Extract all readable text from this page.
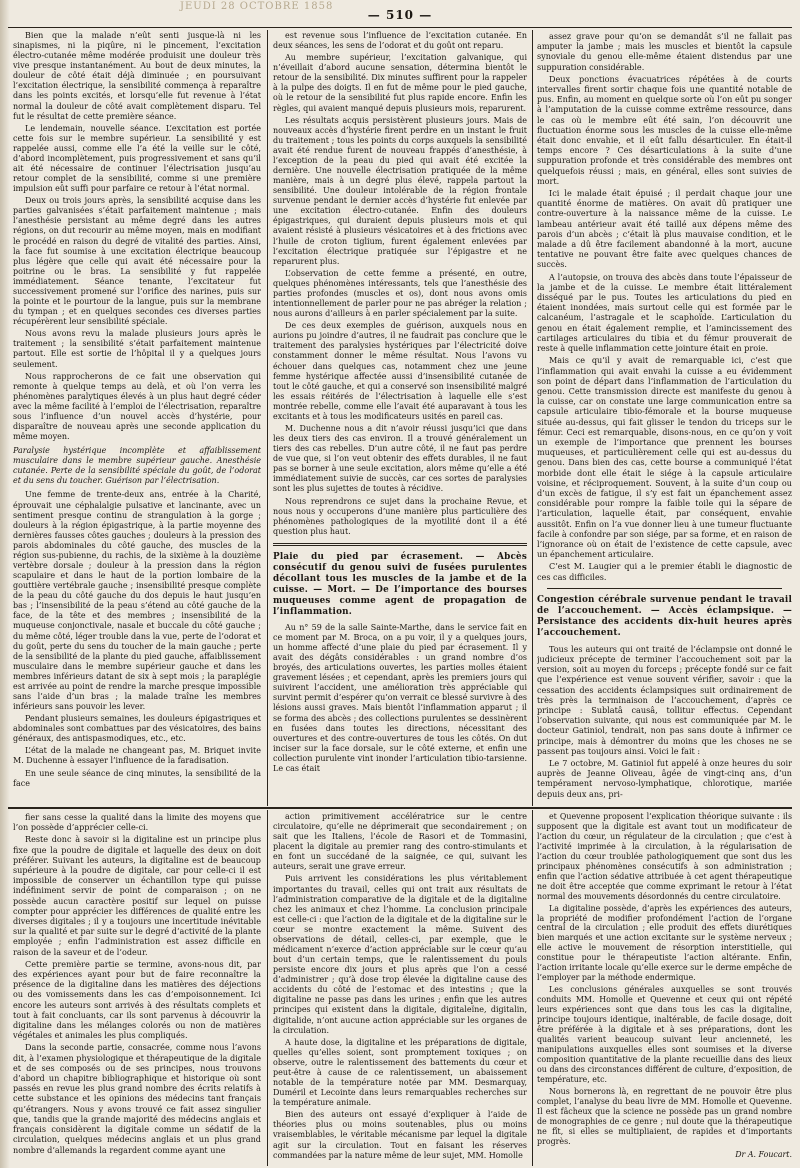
JEUDI 28 OCTOBRE 1858
— 510 —

Bien que la malade n’eût senti jusque-là ni les sinapismes, ni la piqûre, ni le pincement, l’excitation électro-cutanée même modérée produisit une douleur très vive presque instantanément. Au bout de deux minutes, la douleur de côté était déjà diminuée ; en poursuivant l’excitation électrique, la sensibilité commença à reparaître dans les points excités, et lorsqu’elle fut revenue à l’état normal la douleur de côté avait complètement disparu. Tel fut le résultat de cette première séance.

Le lendemain, nouvelle séance. L’excitation est portée cette fois sur le membre supérieur. La sensibilité y est rappelée aussi, comme elle l’a été la veille sur le côté, d’abord incomplètement, puis progressivement et sans qu’il ait été nécessaire de continuer l’électrisation jusqu’au retour complet de la sensibilité, comme si une première impulsion eût suffi pour parfaire ce retour à l’état normal.

Deux ou trois jours après, la sensibilité acquise dans les parties galvanisées s’était parfaitement maintenue ; mais l’anesthésie persistant au même degré dans les autres régions, on dut recourir au même moyen, mais en modifiant le procédé en raison du degré de vitalité des parties. Ainsi, la face fut soumise à une excitation électrique beaucoup plus légère que celle qui avait été nécessaire pour la poitrine ou le bras. La sensibilité y fut rappelée immédiatement. Séance tenante, l’excitateur fut successivement promené sur l’orifice des narines, puis sur la pointe et le pourtour de la langue, puis sur la membrane du tympan ; et en quelques secondes ces diverses parties récupérèrent leur sensibilité spéciale.

Nous avons revu la malade plusieurs jours après le traitement ; la sensibilité s’était parfaitement maintenue partout. Elle est sortie de l’hôpital il y a quelques jours seulement.

Nous rapprocherons de ce fait une observation qui remonte à quelque temps au delà, et où l’on verra les phénomènes paralytiques élevés à un plus haut degré céder avec la même facilité à l’emploi de l’électrisation, reparaître sous l’influence d’un nouvel accès d’hystérie, pour disparaître de nouveau après une seconde application du même moyen.

Paralysie hystérique incomplète et affaiblissement musculaire dans le membre supérieur gauche. Anesthésie cutanée. Perte de la sensibilité spéciale du goût, de l’odorat et du sens du toucher. Guérison par l’électrisation.

Une femme de trente-deux ans, entrée à la Charité, éprouvait une céphalalgie pulsative et lancinante, avec un sentiment presque continu de strangulation à la gorge ; douleurs à la région épigastrique, à la partie moyenne des dernières fausses côtes gauches ; douleurs à la pression des parois abdominales du côté gauche, des muscles de la région sus-pubienne, du rachis, de la sixième à la douzième vertèbre dorsale ; douleur à la pression dans la région scapulaire et dans le haut de la portion lombaire de la gouttière vertébrale gauche ; insensibilité presque complète de la peau du côté gauche du dos depuis le haut jusqu’en bas ; l’insensibilité de la peau s’étend au côté gauche de la face, de la tête et des membres ; insensibilité de la muqueuse conjonctivale, nasale et buccale du côté gauche ; du même côté, léger trouble dans la vue, perte de l’odorat et du goût, perte du sens du toucher de la main gauche ; perte de la sensibilité de la plante du pied gauche, affaiblissement musculaire dans le membre supérieur gauche et dans les membres inférieurs datant de six à sept mois ; la paraplégie est arrivée au point de rendre la marche presque impossible sans l’aide d’un bras ; la malade traîne les membres inférieurs sans pouvoir les lever.

Pendant plusieurs semaines, les douleurs épigastriques et abdominales sont combattues par des vésicatoires, des bains généraux, des antispasmodiques, etc., etc.

L’état de la malade ne changeant pas, M. Briquet invite M. Duchenne à essayer l’influence de la faradisation.

En une seule séance de cinq minutes, la sensibilité de la face

est revenue sous l’influence de l’excitation cutanée. En deux séances, les sens de l’odorat et du goût ont reparu.

Au membre supérieur, l’excitation galvanique, qui n’éveillait d’abord aucune sensation, détermina bientôt le retour de la sensibilité. Dix minutes suffirent pour la rappeler à la pulpe des doigts. Il en fut de même pour le pied gauche, où le retour de la sensibilité fut plus rapide encore. Enfin les règles, qui avaient manqué depuis plusieurs mois, reparurent.

Les résultats acquis persistèrent plusieurs jours. Mais de nouveaux accès d’hystérie firent perdre en un instant le fruit du traitement ; tous les points du corps auxquels la sensibilité avait été rendue furent de nouveau frappés d’anesthésie, à l’exception de la peau du pied qui avait été excitée la dernière. Une nouvelle électrisation pratiquée de la même manière, mais à un degré plus élevé, rappela partout la sensibilité. Une douleur intolérable de la région frontale survenue pendant le dernier accès d’hystérie fut enlevée par une excitation électro-cutanée. Enfin des douleurs épigastriques, qui duraient depuis plusieurs mois et qui avaient résisté à plusieurs vésicatoires et à des frictions avec l’huile de croton tiglium, furent également enlevées par l’excitation électrique pratiquée sur l’épigastre et ne reparurent plus.

L’observation de cette femme a présenté, en outre, quelques phénomènes intéressants, tels que l’anesthésie des parties profondes (muscles et os), dont nous avons omis intentionnellement de parler pour ne pas abréger la relation ; nous aurons d’ailleurs à en parler spécialement par la suite.

De ces deux exemples de guérison, auxquels nous en aurions pu joindre d’autres, il ne faudrait pas conclure que le traitement des paralysies hystériques par l’électricité doive constamment donner le même résultat. Nous l’avons vu échouer dans quelques cas, notamment chez une jeune femme hystérique affectée aussi d’insensibilité cutanée de tout le côté gauche, et qui a conservé son insensibilité malgré les essais réitérés de l’électrisation à laquelle elle s’est montrée rebelle, comme elle l’avait été auparavant à tous les excitants et à tous les modificateurs usités en pareil cas.

M. Duchenne nous a dit n’avoir réussi jusqu’ici que dans les deux tiers des cas environ. Il a trouvé généralement un tiers des cas rebelles. D’un autre côté, il ne faut pas perdre de vue que, si l’on veut obtenir des effets durables, il ne faut pas se borner à une seule excitation, alors même qu’elle a été immédiatement suivie de succès, car ces sortes de paralysies sont les plus sujettes de toutes à récidive.

Nous reprendrons ce sujet dans la prochaine Revue, et nous nous y occuperons d’une manière plus particulière des phénomènes pathologiques de la myotilité dont il a été question plus haut.

Plaie du pied par écrasement. — Abcès consécutif du genou suivi de fusées purulentes décollant tous les muscles de la jambe et de la cuisse. — Mort. — De l’importance des bourses muqueuses comme agent de propagation de l’inflammation.

Au n° 59 de la salle Sainte-Marthe, dans le service fait en ce moment par M. Broca, on a pu voir, il y a quelques jours, un homme affecté d’une plaie du pied par écrasement. Il y avait des dégâts considérables : un grand nombre d’os broyés, des articulations ouvertes, les parties molles étaient gravement lésées ; et cependant, après les premiers jours qui suivirent l’accident, une amélioration très appréciable qui survint permit d’espérer qu’on verrait ce blessé survivre à des lésions aussi graves. Mais bientôt l’inflammation apparut ; il se forma des abcès ; des collections purulentes se dessinèrent en fusées dans toutes les directions, nécessitant des ouvertures et des contre-ouvertures de tous les côtés. On dut inciser sur la face dorsale, sur le côté externe, et enfin une collection purulente vint inonder l’articulation tibio-tarsienne. Le cas était

assez grave pour qu’on se demandât s’il ne fallait pas amputer la jambe ; mais les muscles et bientôt la capsule synoviale du genou elle-même étaient distendus par une suppuration considérable.

Deux ponctions évacuatrices répétées à de courts intervalles firent sortir chaque fois une quantité notable de pus. Enfin, au moment en quelque sorte où l’on eût pu songer à l’amputation de la cuisse comme extrême ressource, dans le cas où le membre eût été sain, l’on découvrit une fluctuation énorme sous les muscles de la cuisse elle-même était donc envahie, et il eût fallu désarticuler. En était-il temps encore ? Ces désarticulations à la suite d’une suppuration profonde et très considérable des membres ont quelquefois réussi ; mais, en général, elles sont suivies de mort.

Ici le malade était épuisé ; il perdait chaque jour une quantité énorme de matières. On avait dû pratiquer une contre-ouverture à la naissance même de la cuisse. Le lambeau antérieur avait été taillé aux dépens même des parois d’un abcès ; c’était là plus mauvaise condition, et le malade a dû être facilement abandonné à la mort, aucune tentative ne pouvant être faite avec quelques chances de succès.

A l’autopsie, on trouva des abcès dans toute l’épaisseur de la jambe et de la cuisse. Le membre était littéralement disséqué par le pus. Toutes les articulations du pied en étaient inondées, mais surtout celle qui est formée par le calcanéum, l’astragale et le scaphoïde. L’articulation du genou en était également remplie, et l’amincissement des cartilages articulaires du tibia et du fémur prouverait de reste à quelle inflammation cette jointure était en proie.

Mais ce qu’il y avait de remarquable ici, c’est que l’inflammation qui avait envahi la cuisse a eu évidemment son point de départ dans l’inflammation de l’articulation du genou. Cette transmission directe est manifeste du genou à la cuisse, car on constate une large communication entre sa capsule articulaire tibio-fémorale et la bourse muqueuse située au-dessus, qui fait glisser le tendon du triceps sur le fémur. Ceci est remarquable, disons-nous, en ce qu’on y voit un exemple de l’importance que prennent les bourses muqueuses, et particulièrement celle qui est au-dessus du genou. Dans bien des cas, cette bourse a communiqué l’état morbide dont elle était le siége à la capsule articulaire voisine, et réciproquement. Souvent, à la suite d’un coup ou d’un excès de fatigue, il s’y est fait un épanchement assez considérable pour rompre la faible toile qui la sépare de l’articulation, laquelle était, par conséquent, envahie aussitôt. Enfin on l’a vue donner lieu à une tumeur fluctuante facile à confondre par son siége, par sa forme, et en raison de l’ignorance où on était de l’existence de cette capsule, avec un épanchement articulaire.

C’est M. Laugier qui a le premier établi le diagnostic de ces cas difficiles.

Congestion cérébrale survenue pendant le travail de l’accouchement. — Accès éclampsique. — Persistance des accidents dix-huit heures après l’accouchement.

Tous les auteurs qui ont traité de l’éclampsie ont donné le judicieux précepte de terminer l’accouchement soit par la version, soit au moyen du forceps ; précepte fondé sur ce fait que l’expérience est venue souvent vérifier, savoir : que la cessation des accidents éclampsiques suit ordinairement de très près la terminaison de l’accouchement, d’après ce principe : Sublatâ causâ, tollitur effectus. Cependant l’observation suivante, qui nous est communiquée par M. le docteur Gatiniol, tendrait, non pas sans doute à infirmer ce principe, mais à démontrer du moins que les choses ne se passent pas toujours ainsi. Voici le fait :

Le 7 octobre, M. Gatiniol fut appelé à onze heures du soir auprès de Jeanne Oliveau, âgée de vingt-cinq ans, d’un tempérament nervoso-lymphatique, chlorotique, mariée depuis deux ans, pri-

fier sans cesse la qualité dans la limite des moyens que l’on possède d’apprécier celle-ci.

Reste donc à savoir si la digitaline est un principe plus fixe que la poudre de digitale et laquelle des deux on doit préférer. Suivant les auteurs, la digitaline est de beaucoup supérieure à la poudre de digitale, car pour celle-ci il est impossible de conserver un échantillon type qui puisse indéfiniment servir de point de comparaison ; on ne possède aucun caractère positif sur lequel on puisse compter pour apprécier les différences de qualité entre les diverses digitales ; il y a toujours une incertitude inévitable sur la qualité et par suite sur le degré d’activité de la plante employée ; enfin l’administration est assez difficile en raison de la saveur et de l’odeur.

Cette première partie se termine, avons-nous dit, par des expériences ayant pour but de faire reconnaître la présence de la digitaline dans les matières des déjections ou des vomissements dans les cas d’empoisonnement. Ici encore les auteurs sont arrivés à des résultats complets et tout à fait concluants, car ils sont parvenus à découvrir la digitaline dans les mélanges colorés ou non de matières végétales et animales les plus compliqués.

Dans la seconde partie, consacrée, comme nous l’avons dit, à l’examen physiologique et thérapeutique de la digitale et de ses composés ou de ses principes, nous trouvons d’abord un chapitre bibliographique et historique où sont passés en revue les plus grand nombre des écrits relatifs à cette substance et les opinions des médecins tant français qu’étrangers. Nous y avons trouvé ce fait assez singulier que, tandis que la grande majorité des médecins anglais et français considèrent la digitale comme un sédatif de la circulation, quelques médecins anglais et un plus grand nombre d’allemands la regardent comme ayant une

action primitivement accélératrice sur le centre circulatoire, qu’elle ne déprimerait que secondairement ; on sait que les Italiens, l’école de Rasori et de Tommasini, placent la digitale au premier rang des contro-stimulants et en font un succédané de la saignée, ce qui, suivant les auteurs, serait une grave erreur.

Puis arrivent les considérations les plus véritablement importantes du travail, celles qui ont trait aux résultats de l’administration comparative de la digitale et de la digitaline chez les animaux et chez l’homme. La conclusion principale est celle-ci : que l’action de la digitale et de la digitaline sur le cœur se montre exactement la même. Suivent des observations de détail, celles-ci, par exemple, que le médicament n’exerce d’action appréciable sur le cœur qu’au bout d’un certain temps, que le ralentissement du pouls persiste encore dix jours et plus après que l’on a cessé d’administrer ; qu’à dose trop élevée la digitaline cause des accidents du côté de l’estomac et des intestins ; que la digitaline ne passe pas dans les urines ; enfin que les autres principes qui existent dans la digitale, digitaleïne, digitalin, digitalide, n’ont aucune action appréciable sur les organes de la circulation.

A haute dose, la digitaline et les préparations de digitale, quelles qu’elles soient, sont promptement toxiques ; on observe, outre le ralentissement des battements du cœur et peut-être à cause de ce ralentissement, un abaissement notable de la température notée par MM. Desmarquay, Duméril et Lecointe dans leurs remarquables recherches sur la température animale.

Bien des auteurs ont essayé d’expliquer à l’aide de théories plus ou moins soutenables, plus ou moins vraisemblables, le véritable mécanisme par lequel la digitale agit sur la circulation. Tout en faisant les réserves commandées par la nature même de leur sujet, MM. Homolle

et Quevenne proposent l’explication théorique suivante : ils supposent que la digitale est avant tout un modificateur de l’action du cœur, un régulateur de la circulation ; que c’est à l’activité imprimée à la circulation, à la régularisation de l’action du cœur troublée pathologiquement que sont dus les principaux phénomènes consécutifs à son administration ; enfin que l’action sédative attribuée à cet agent thérapeutique ne doit être acceptée que comme exprimant le retour à l’état normal des mouvements désordonnés du centre circulatoire.

La digitaline possède, d’après les expériences des auteurs, la propriété de modifier profondément l’action de l’organe central de la circulation ; elle produit des effets diurétiques bien marqués et une action excitante sur le système nerveux ; elle active le mouvement de résorption interstitielle, qui constitue pour le thérapeutiste l’action altérante. Enfin, l’action irritante locale qu’elle exerce sur le derme empêche de l’employer par la méthode endermique.

Les conclusions générales auxquelles se sont trouvés conduits MM. Homolle et Quevenne et ceux qui ont répété leurs expériences sont que dans tous les cas la digitaline, principe toujours identique, inaltérable, de facile dosage, doit être préférée à la digitale et à ses préparations, dont les qualités varient beaucoup suivant leur ancienneté, les manipulations auxquelles elles sont soumises et la diverse composition quantitative de la plante recueillie dans des lieux ou dans des circonstances différent de culture, d’exposition, de température, etc.

Nous bornerons là, en regrettant de ne pouvoir être plus complet, l’analyse du beau livre de MM. Homolle et Quevenne. Il est fâcheux que la science ne possède pas un grand nombre de monographies de ce genre ; nul doute que la thérapeutique ne fît, si elles se multipliaient, de rapides et d’importants progrès.

Dr A. Foucart.
